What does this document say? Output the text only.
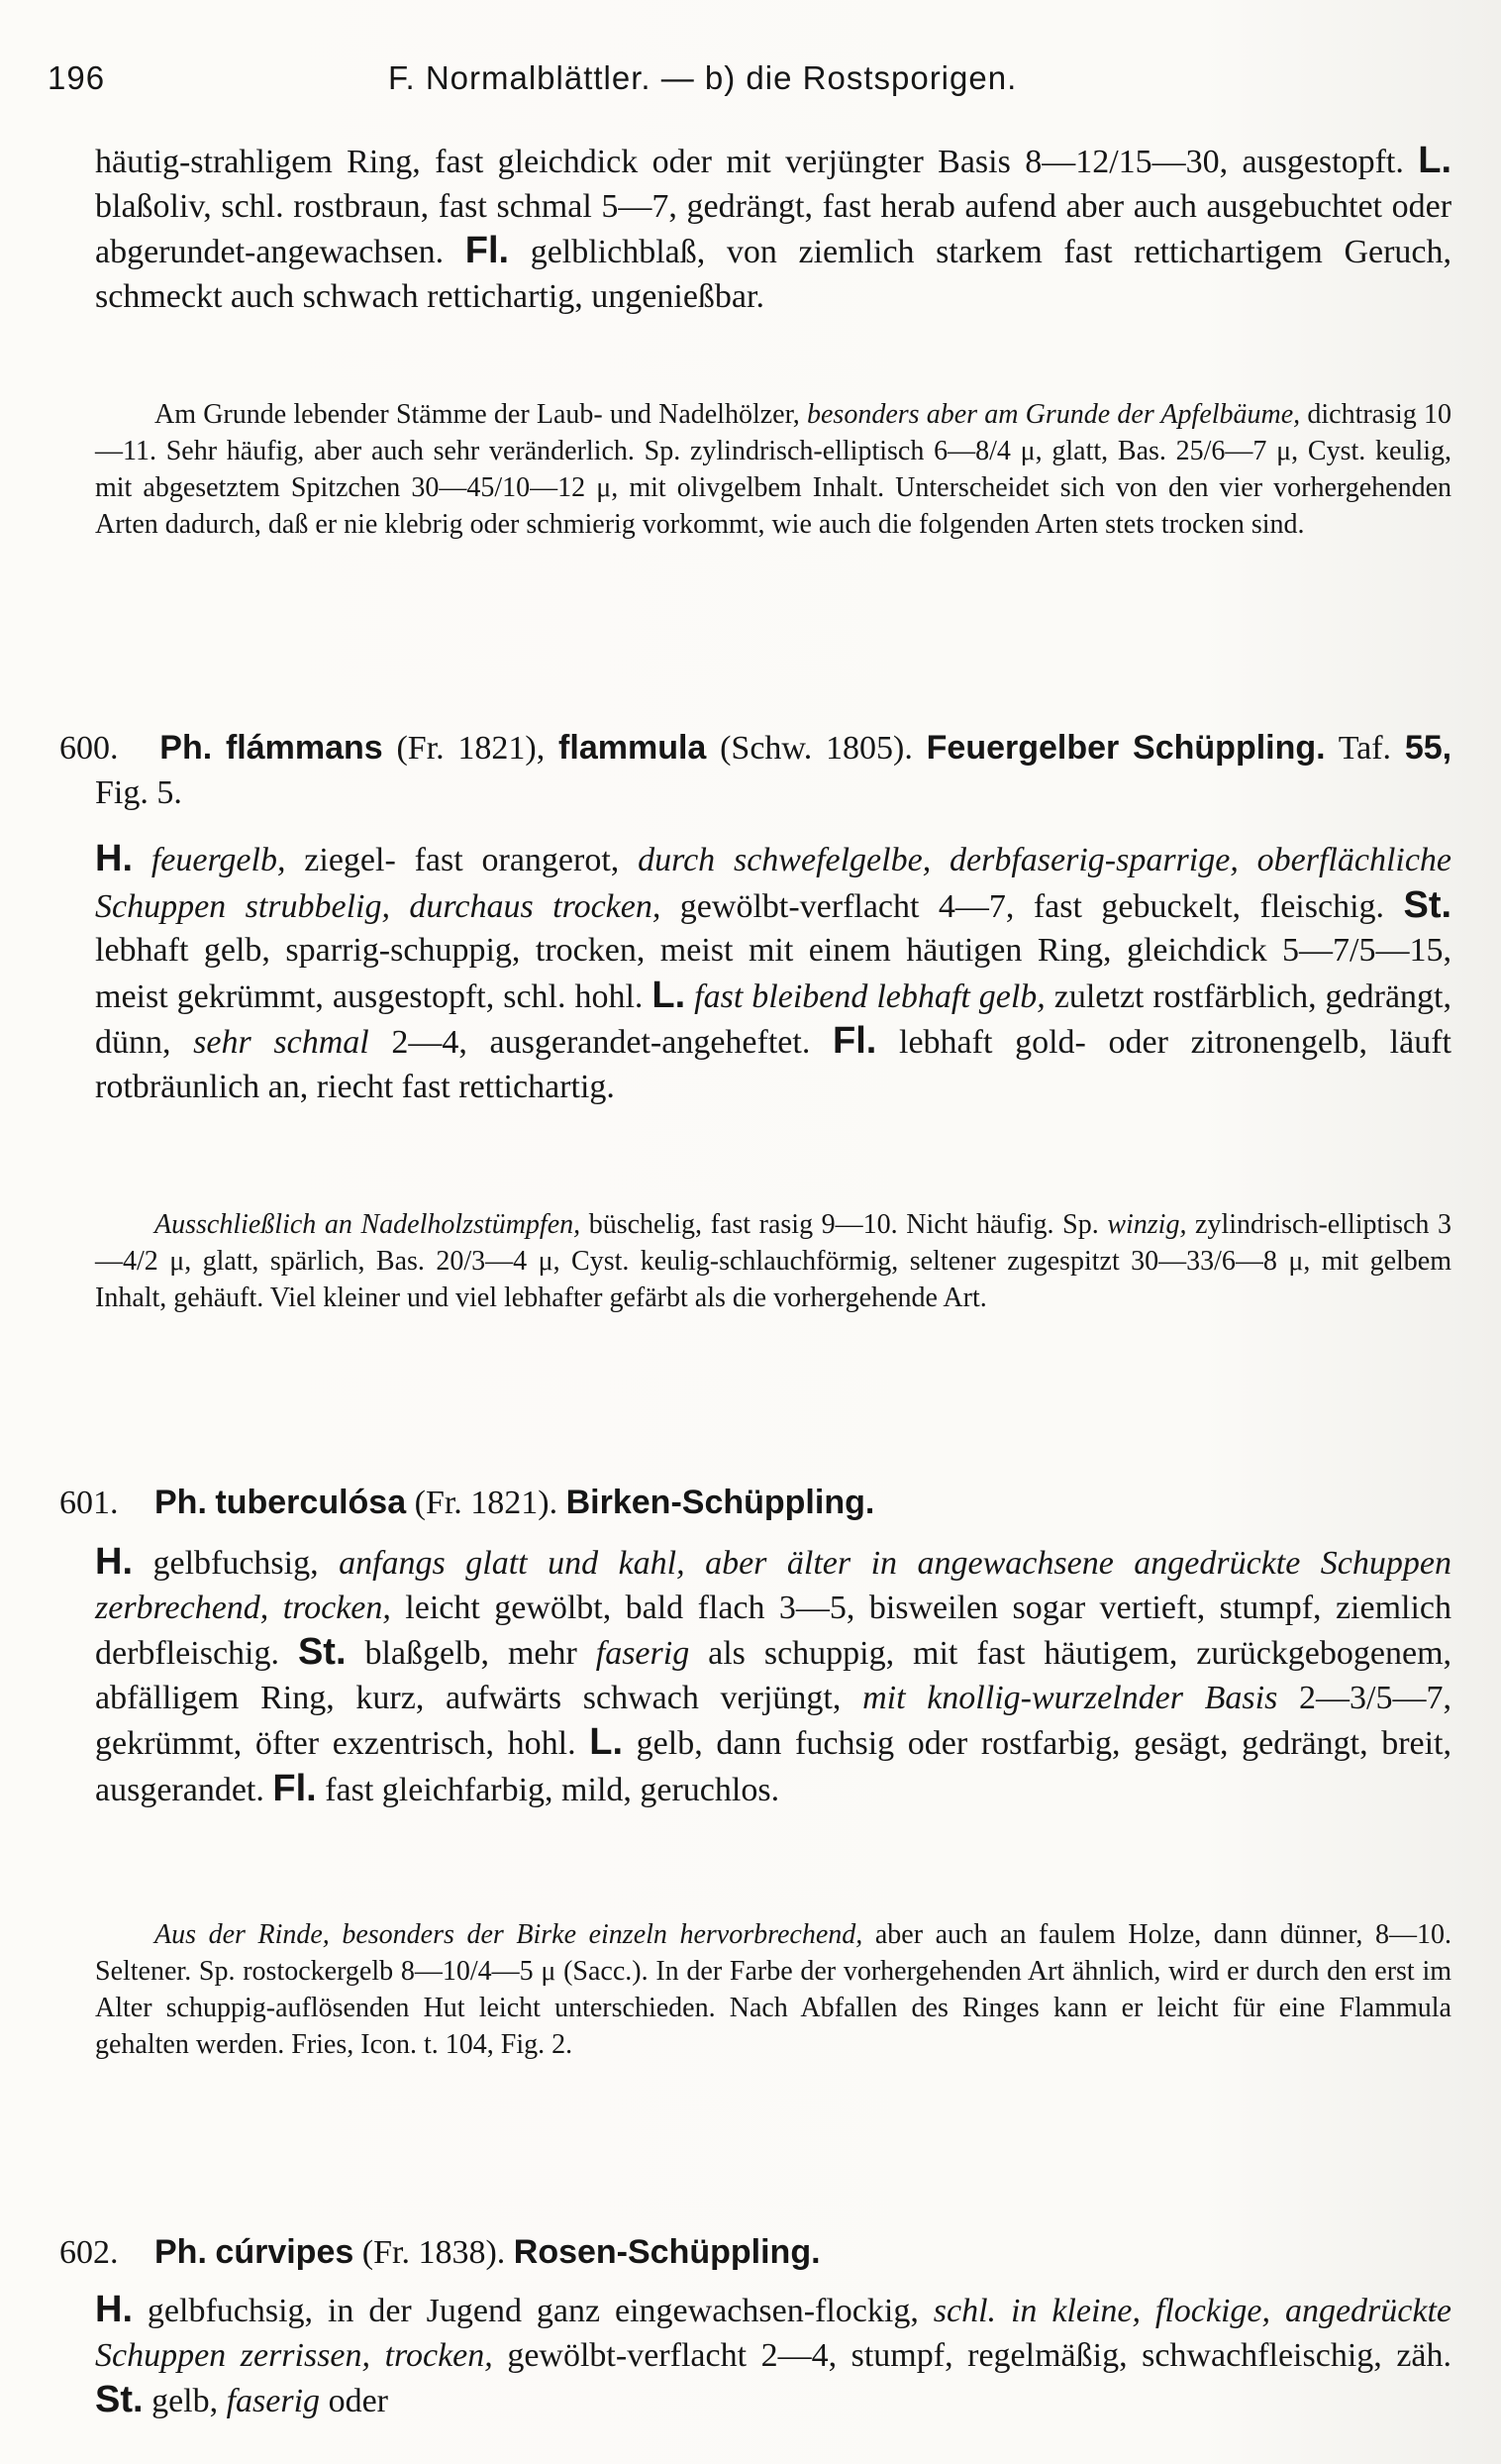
196	F. Normalblättler. — b) die Rostsporigen.
häutig-strahligem Ring, fast gleichdick oder mit verjüngter Basis 8—12/15—30, ausgestopft. L. blaßoliv, schl. rostbraun, fast schmal 5—7, gedrängt, fast herab aufend aber auch ausgebuchtet oder abgerundet-angewachsen. Fl. gelblichblaß, von ziemlich starkem fast rettichartigem Geruch, schmeckt auch schwach rettichartig, ungenießbar.
Am Grunde lebender Stämme der Laub- und Nadelhölzer, besonders aber am Grunde der Apfelbäume, dichtrasig 10—11. Sehr häufig, aber auch sehr veränderlich. Sp. zylindrisch-elliptisch 6—8/4 μ, glatt, Bas. 25/6—7 μ, Cyst. keulig, mit abgesetztem Spitzchen 30—45/10—12 μ, mit olivgelbem Inhalt. Unterscheidet sich von den vier vorhergehenden Arten dadurch, daß er nie klebrig oder schmierig vorkommt, wie auch die folgenden Arten stets trocken sind.
600. Ph. flámmans (Fr. 1821), flammula (Schw. 1805). Feuergelber Schüppling. Taf. 55, Fig. 5.
H. feuergelb, ziegel- fast orangerot, durch schwefelgelbe, derbfaserig-sparrige, oberflächliche Schuppen strubbelig, durchaus trocken, gewölbt-verflacht 4—7, fast gebuckelt, fleischig. St. lebhaft gelb, sparrig-schuppig, trocken, meist mit einem häutigen Ring, gleichdick 5—7/5—15, meist gekrümmt, ausgestopft, schl. hohl. L. fast bleibend lebhaft gelb, zuletzt rostfärblich, gedrängt, dünn, sehr schmal 2—4, ausgerandet-angeheftet. Fl. lebhaft gold- oder zitronengelb, läuft rotbräunlich an, riecht fast rettichartig.
Ausschließlich an Nadelholzstümpfen, büschelig, fast rasig 9—10. Nicht häufig. Sp. winzig, zylindrisch-elliptisch 3—4/2 μ, glatt, spärlich, Bas. 20/3—4 μ, Cyst. keulig-schlauchförmig, seltener zugespitzt 30—33/6—8 μ, mit gelbem Inhalt, gehäuft. Viel kleiner und viel lebhafter gefärbt als die vorhergehende Art.
601. Ph. tuberculósa (Fr. 1821). Birken-Schüppling.
H. gelbfuchsig, anfangs glatt und kahl, aber älter in angewachsene angedrückte Schuppen zerbrechend, trocken, leicht gewölbt, bald flach 3—5, bisweilen sogar vertieft, stumpf, ziemlich derbfleischig. St. blaßgelb, mehr faserig als schuppig, mit fast häutigem, zurückgebogenem, abfälligem Ring, kurz, aufwärts schwach verjüngt, mit knollig-wurzelnder Basis 2—3/5—7, gekrümmt, öfter exzentrisch, hohl. L. gelb, dann fuchsig oder rostfarbig, gesägt, gedrängt, breit, ausgerandet. Fl. fast gleichfarbig, mild, geruchlos.
Aus der Rinde, besonders der Birke einzeln hervorbrechend, aber auch an faulem Holze, dann dünner, 8—10. Seltener. Sp. rostockergelb 8—10/4—5 μ (Sacc.). In der Farbe der vorhergehenden Art ähnlich, wird er durch den erst im Alter schuppig-auflösenden Hut leicht unterschieden. Nach Abfallen des Ringes kann er leicht für eine Flammula gehalten werden. Fries, Icon. t. 104, Fig. 2.
602. Ph. cúrvipes (Fr. 1838). Rosen-Schüppling.
H. gelbfuchsig, in der Jugend ganz eingewachsen-flockig, schl. in kleine, flockige, angedrückte Schuppen zerrissen, trocken, gewölbt-verflacht 2—4, stumpf, regelmäßig, schwachfleischig, zäh. St. gelb, faserig oder
